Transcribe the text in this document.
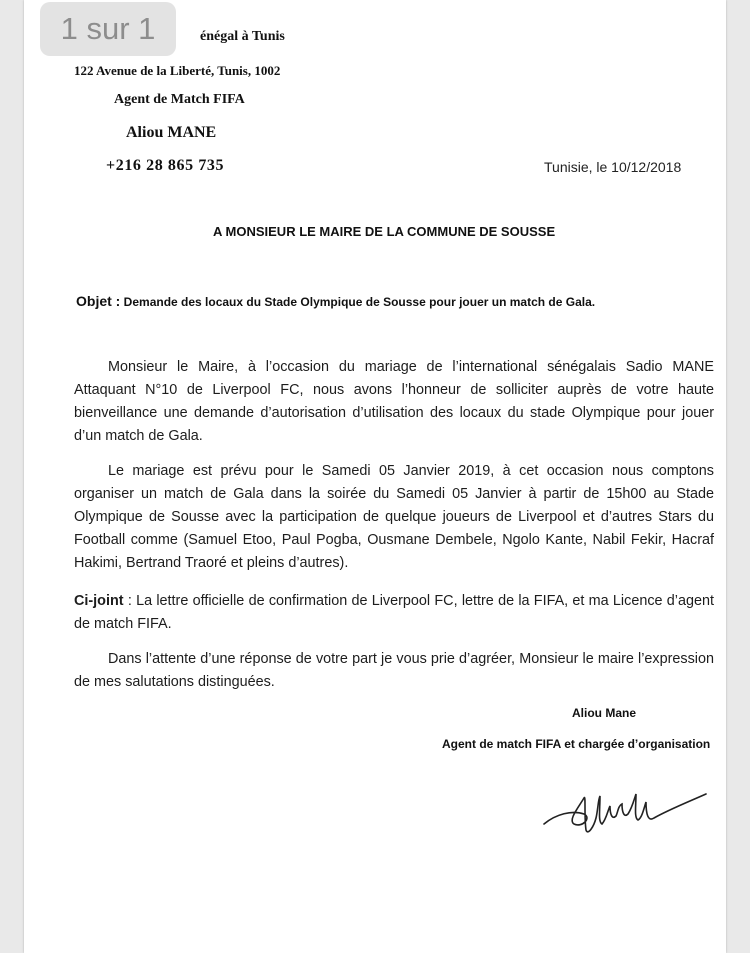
énégal à Tunis
122 Avenue de la Liberté, Tunis, 1002
Agent de Match FIFA
Aliou MANE
+216 28 865 735	Tunisie, le 10/12/2018
A MONSIEUR LE MAIRE DE LA COMMUNE DE SOUSSE
Objet : Demande des locaux du Stade Olympique de Sousse pour jouer un match de Gala.
Monsieur le Maire, à l’occasion du mariage de l’international sénégalais Sadio MANE Attaquant N°10 de Liverpool FC, nous avons l’honneur de solliciter auprès de votre haute bienveillance une demande d’autorisation d’utilisation des locaux du stade Olympique pour jouer d’un match de Gala.
Le mariage est prévu pour le Samedi 05 Janvier 2019, à cet occasion nous comptons organiser un match de Gala dans la soirée du Samedi 05 Janvier à partir de 15h00 au Stade Olympique de Sousse avec la participation de quelque joueurs de Liverpool et d’autres Stars du Football comme (Samuel Etoo, Paul Pogba, Ousmane Dembele, Ngolo Kante, Nabil Fekir, Hacraf Hakimi, Bertrand Traoré et pleins d’autres).
Ci-joint : La lettre officielle de confirmation de Liverpool FC, lettre de la FIFA, et ma Licence d’agent de match FIFA.
Dans l’attente d’une réponse de votre part je vous prie d’agréer, Monsieur le maire l’expression de mes salutations distinguées.
Aliou Mane
Agent de match FIFA et chargée d’organisation
1 sur 1
